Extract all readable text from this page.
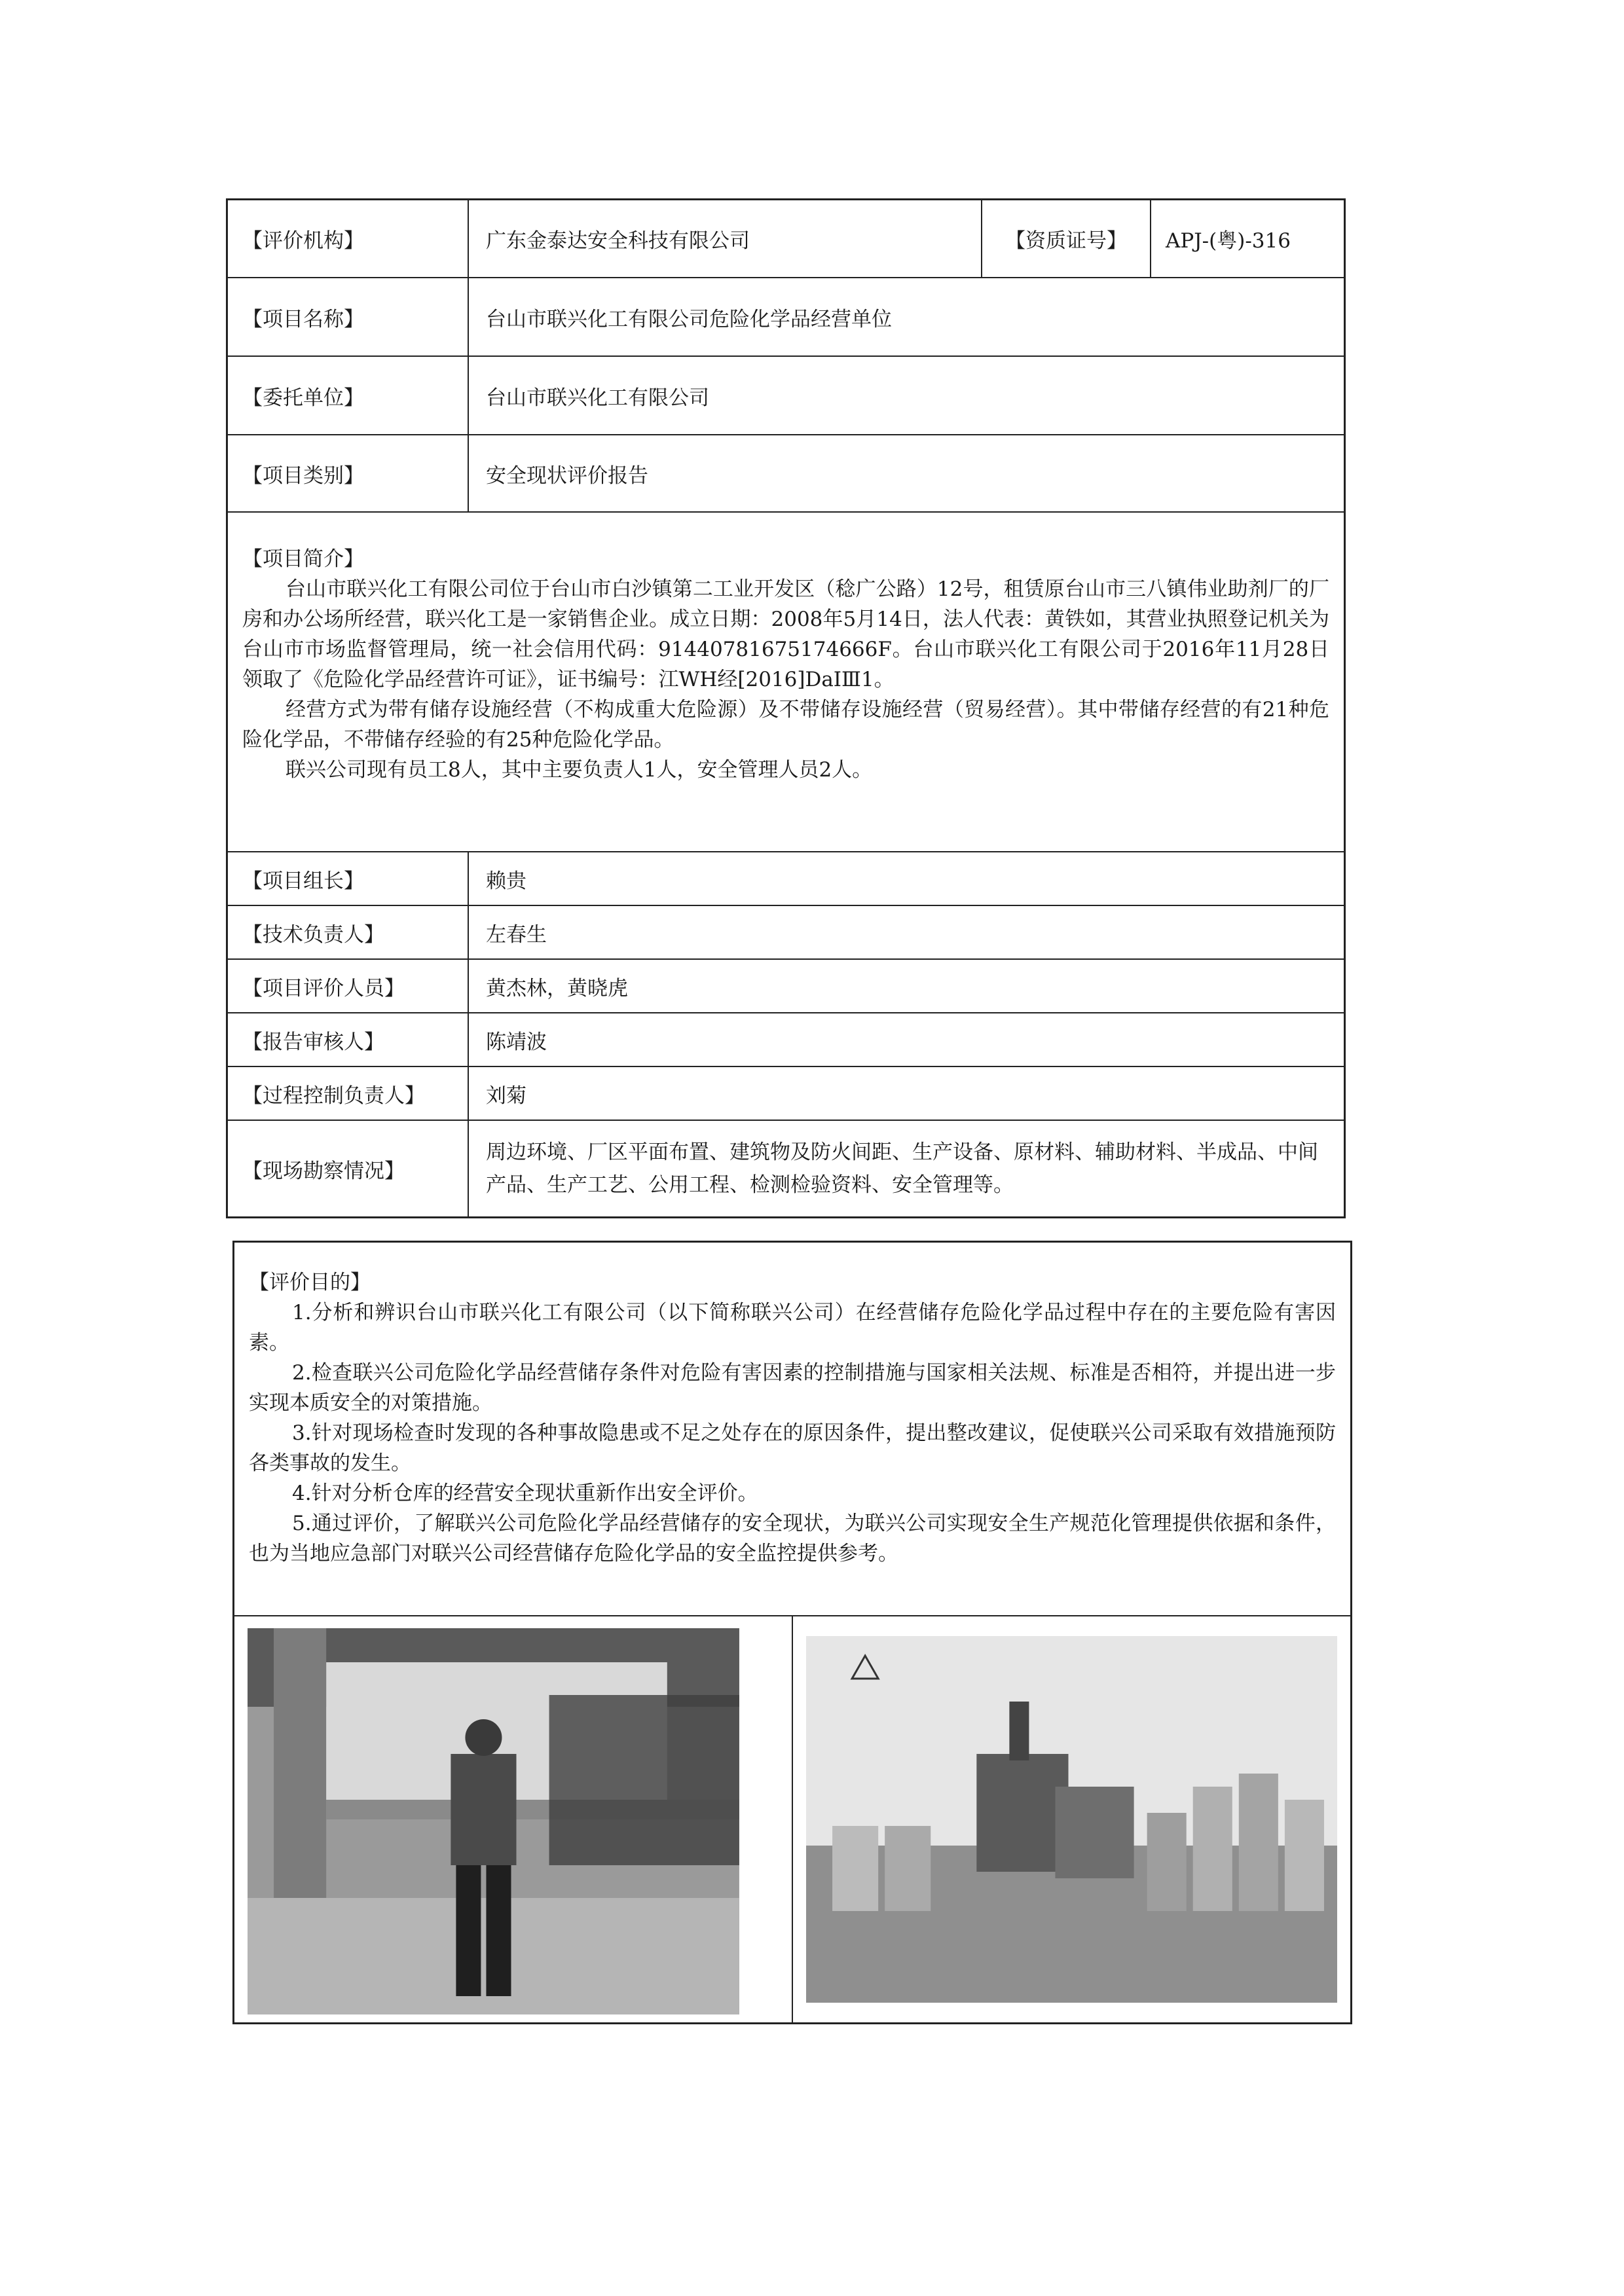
【评价机构】	广东金泰达安全科技有限公司	【资质证号】	APJ-(粤)-316
【项目名称】	台山市联兴化工有限公司危险化学品经营单位
【委托单位】	台山市联兴化工有限公司
【项目类别】	安全现状评价报告
【项目简介】

台山市联兴化工有限公司位于台山市白沙镇第二工业开发区（稔广公路）12号，租赁原台山市三八镇伟业助剂厂的厂房和办公场所经营，联兴化工是一家销售企业。成立日期：2008年5月14日，法人代表：黄铁如，其营业执照登记机关为台山市市场监督管理局，统一社会信用代码：91440781675174666F。台山市联兴化工有限公司于2016年11月28日领取了《危险化学品经营许可证》，证书编号：江WH经[2016]DaⅠⅢ1。

经营方式为带有储存设施经营（不构成重大危险源）及不带储存设施经营（贸易经营）。其中带储存经营的有21种危险化学品，不带储存经验的有25种危险化学品。

联兴公司现有员工8人，其中主要负责人1人，安全管理人员2人。

【项目组长】	赖贵
【技术负责人】	左春生
【项目评价人员】	黄杰林，黄晓虎
【报告审核人】	陈靖波
【过程控制负责人】	刘菊
【现场勘察情况】
周边环境、厂区平面布置、建筑物及防火间距、生产设备、原材料、辅助材料、半成品、中间产品、生产工艺、公用工程、检测检验资料、安全管理等。
【评价目的】

1.分析和辨识台山市联兴化工有限公司（以下简称联兴公司）在经营储存危险化学品过程中存在的主要危险有害因素。

2.检查联兴公司危险化学品经营储存条件对危险有害因素的控制措施与国家相关法规、标准是否相符，并提出进一步实现本质安全的对策措施。

3.针对现场检查时发现的各种事故隐患或不足之处存在的原因条件，提出整改建议，促使联兴公司采取有效措施预防各类事故的发生。

4.针对分析仓库的经营安全现状重新作出安全评价。

5.通过评价，了解联兴公司危险化学品经营储存的安全现状，为联兴公司实现安全生产规范化管理提供依据和条件，也为当地应急部门对联兴公司经营储存危险化学品的安全监控提供参考。
